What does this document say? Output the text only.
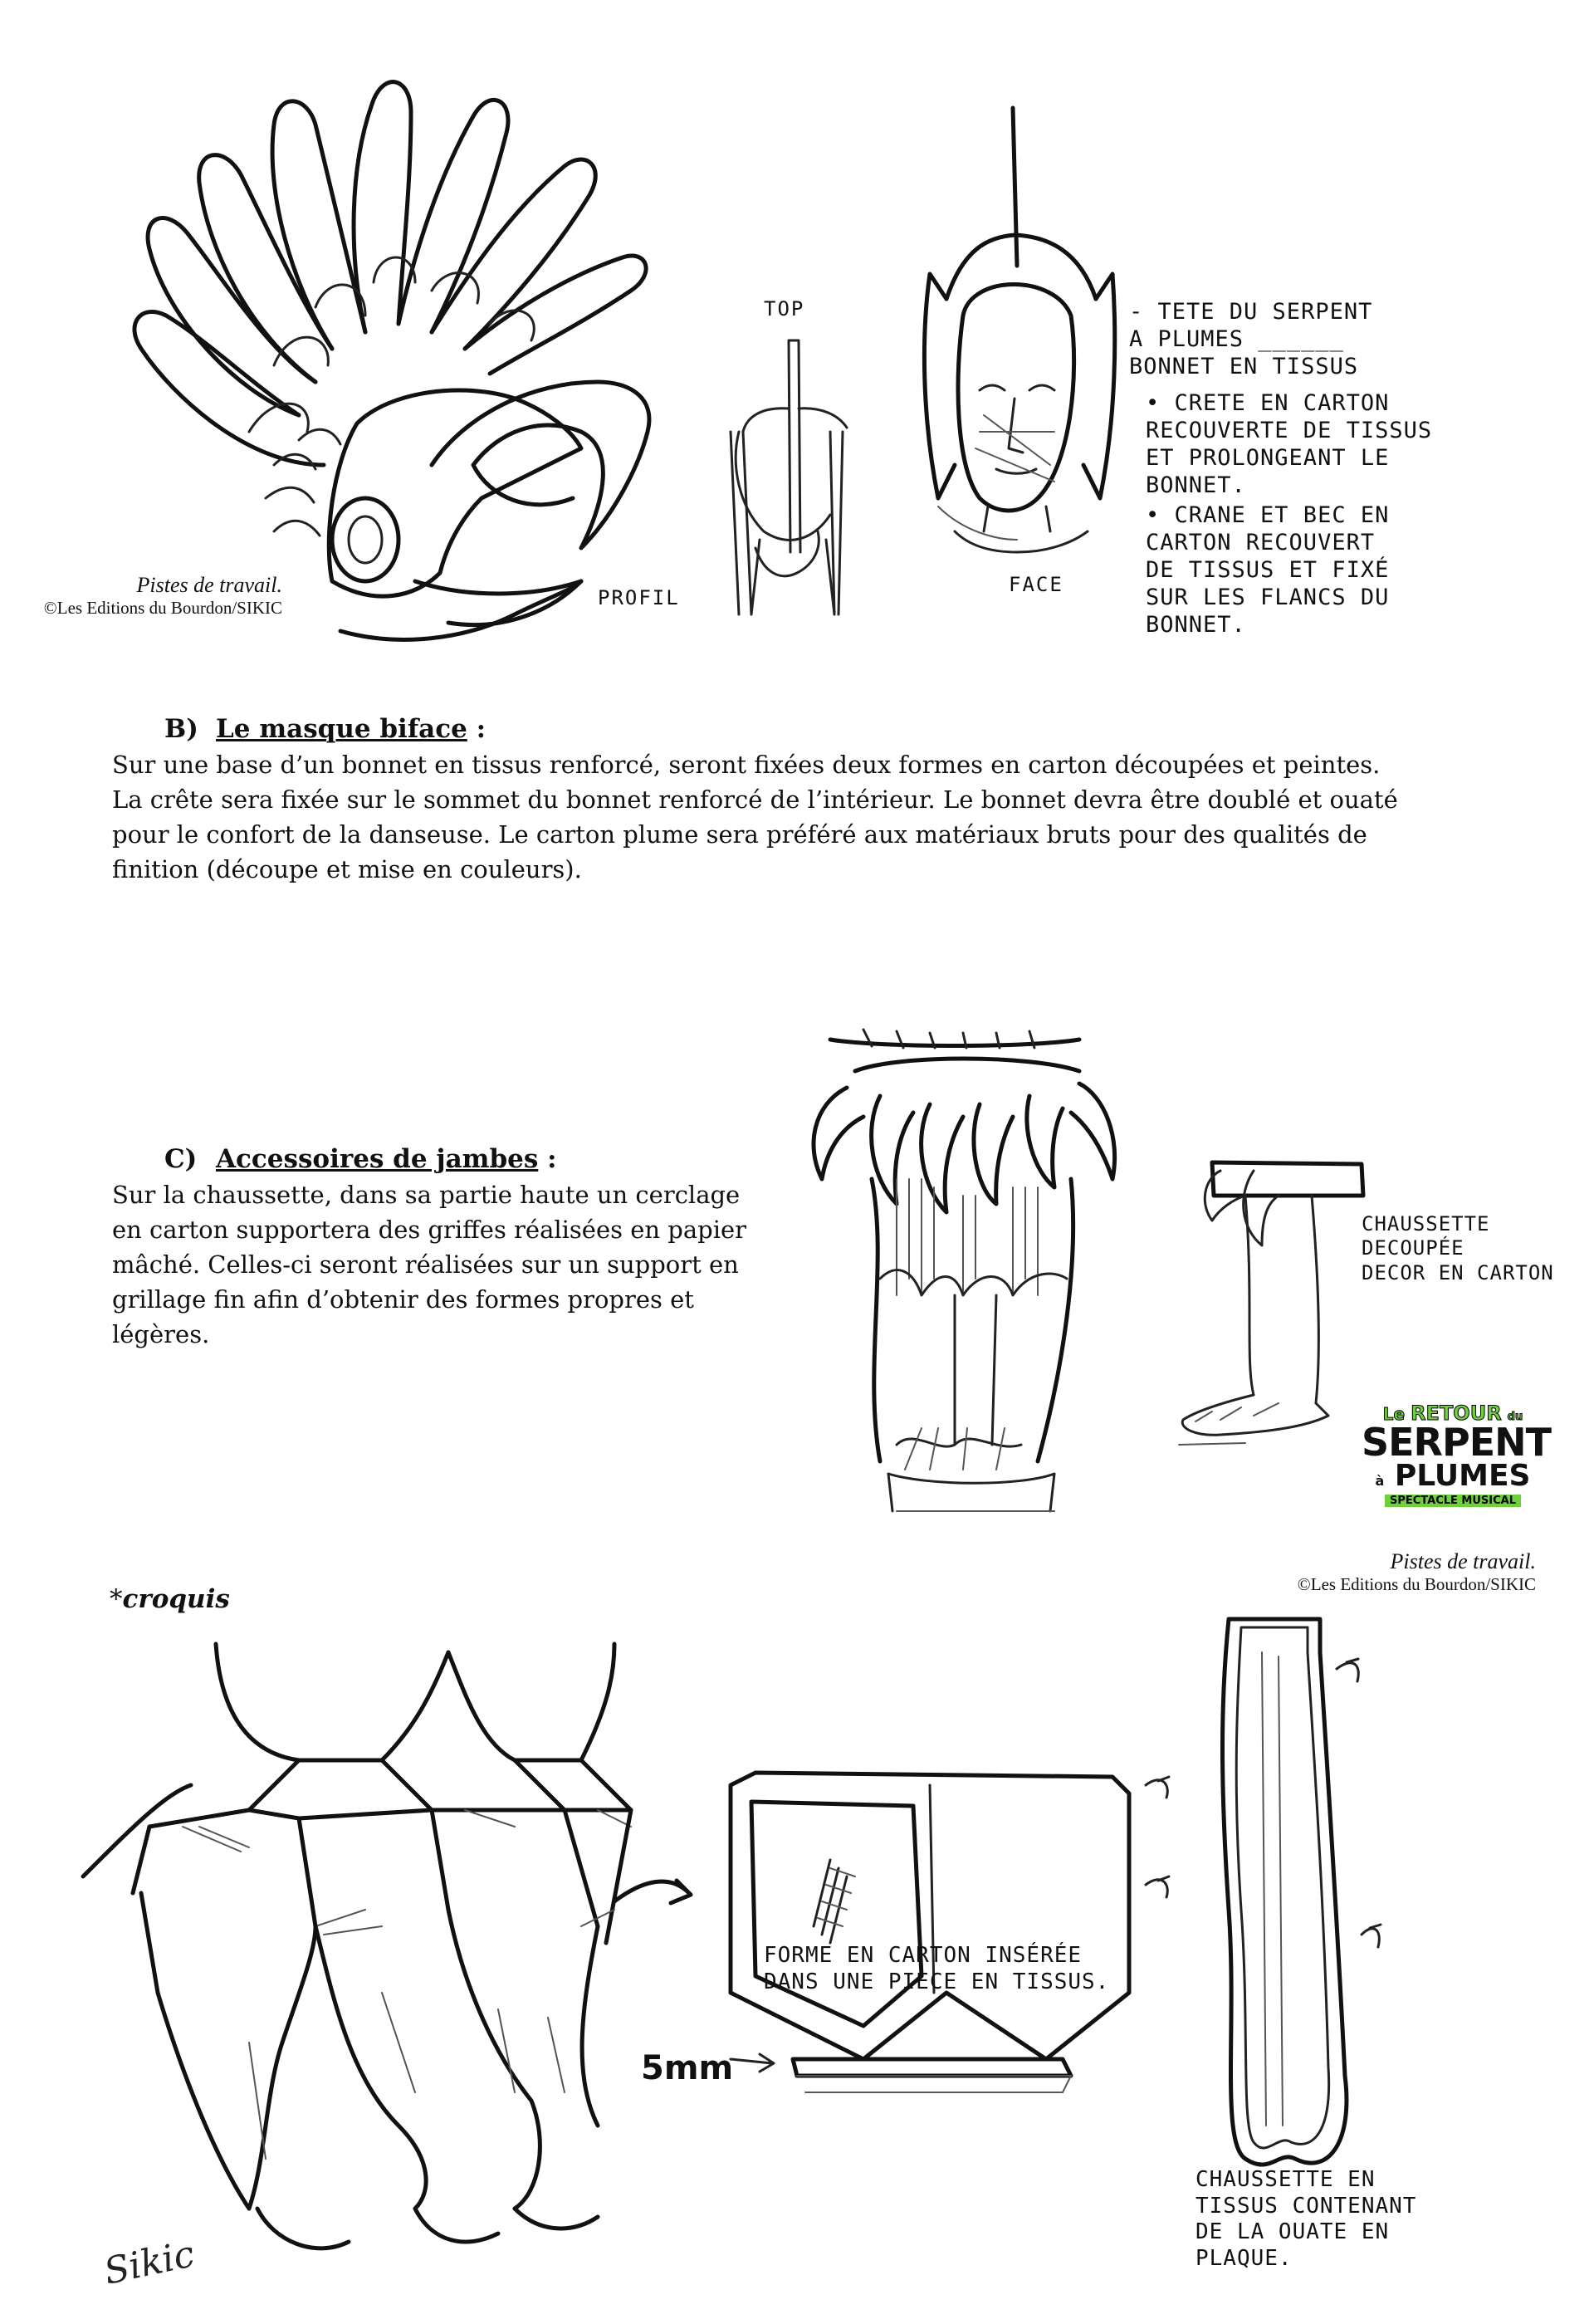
PROFIL
TOP
FACE
- TETE DU SERPENT
A PLUMES ______
BONNET EN TISSUS
• CRETE EN CARTON
RECOUVERTE DE TISSUS
ET PROLONGEANT LE
BONNET.
• CRANE ET BEC EN
CARTON RECOUVERT
DE TISSUS ET FIXÉ
SUR LES FLANCS DU
BONNET.
Pistes de travail.
©Les Editions du Bourdon/SIKIC
B) Le masque biface :
Sur une base d’un bonnet en tissus renforcé, seront fixées deux formes en carton découpées et peintes. La crête sera fixée sur le sommet du bonnet renforcé de l’intérieur. Le bonnet devra être doublé et ouaté pour le confort de la danseuse. Le carton plume sera préféré aux matériaux bruts pour des qualités de finition (découpe et mise en couleurs).
C) Accessoires de jambes :
Sur la chaussette, dans sa partie haute un cerclage en carton supportera des griffes réalisées en papier mâché. Celles-ci seront réalisées sur un support en grillage fin afin d’obtenir des formes propres et légères.
CHAUSSETTE DECOUPÉE
DECOR EN CARTON
Le RETOUR du
SERPENT
à PLUMES
SPECTACLE MUSICAL
Pistes de travail.
©Les Editions du Bourdon/SIKIC
*croquis
FORME EN CARTON INSÉRÉE
DANS UNE PIECE EN TISSUS.
5mm
CHAUSSETTE EN
TISSUS CONTENANT
DE LA OUATE EN
PLAQUE.
Sikic
